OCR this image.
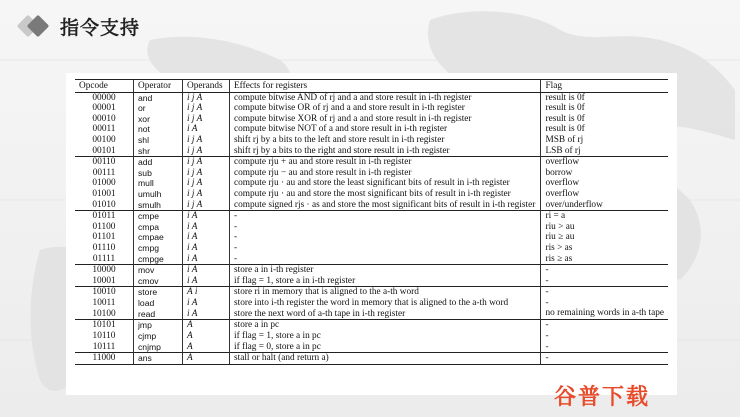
指令支持
Opcode	Operator	Operands	Effects for registers	Flag
00000	and	i j A	compute bitwise AND of rj and a and store result in i-th register	result is 0f
00001	or	i j A	compute bitwise OR of rj and a and store result in i-th register	result is 0f
00010	xor	i j A	compute bitwise XOR of rj and a and store result in i-th register	result is 0f
00011	not	i A	compute bitwise NOT of a and store result in i-th register	result is 0f
00100	shl	i j A	shift rj by a bits to the left and store result in i-th register	MSB of rj
00101	shr	i j A	shift rj by a bits to the right and store result in i-th register	LSB of rj
00110	add	i j A	compute rju + au and store result in i-th register	overflow
00111	sub	i j A	compute rju − au and store result in i-th register	borrow
01000	mull	i j A	compute rju · au and store the least significant bits of result in i-th register	overflow
01001	umulh	i j A	compute rju · au and store the most significant bits of result in i-th register	overflow
01010	smulh	i j A	compute signed rjs · as and store the most significant bits of result in i-th register	over/underflow
01011	cmpe	i A	-	ri = a
01100	cmpa	i A	-	riu > au
01101	cmpae	i A	-	riu ≥ au
01110	cmpg	i A	-	ris > as
01111	cmpge	i A	-	ris ≥ as
10000	mov	i A	store a in i-th register	-
10001	cmov	i A	if flag = 1, store a in i-th register	-
10010	store	A i	store ri in memory that is aligned to the a-th word	-
10011	load	i A	store into i-th register the word in memory that is aligned to the a-th word	-
10100	read	i A	store the next word of a-th tape in i-th register	no remaining words in a-th tape
10101	jmp	A	store a in pc	-
10110	cjmp	A	if flag = 1, store a in pc	-
10111	cnjmp	A	if flag = 0, store a in pc	-
11000	ans	A	stall or halt (and return a)	-
谷普下载
